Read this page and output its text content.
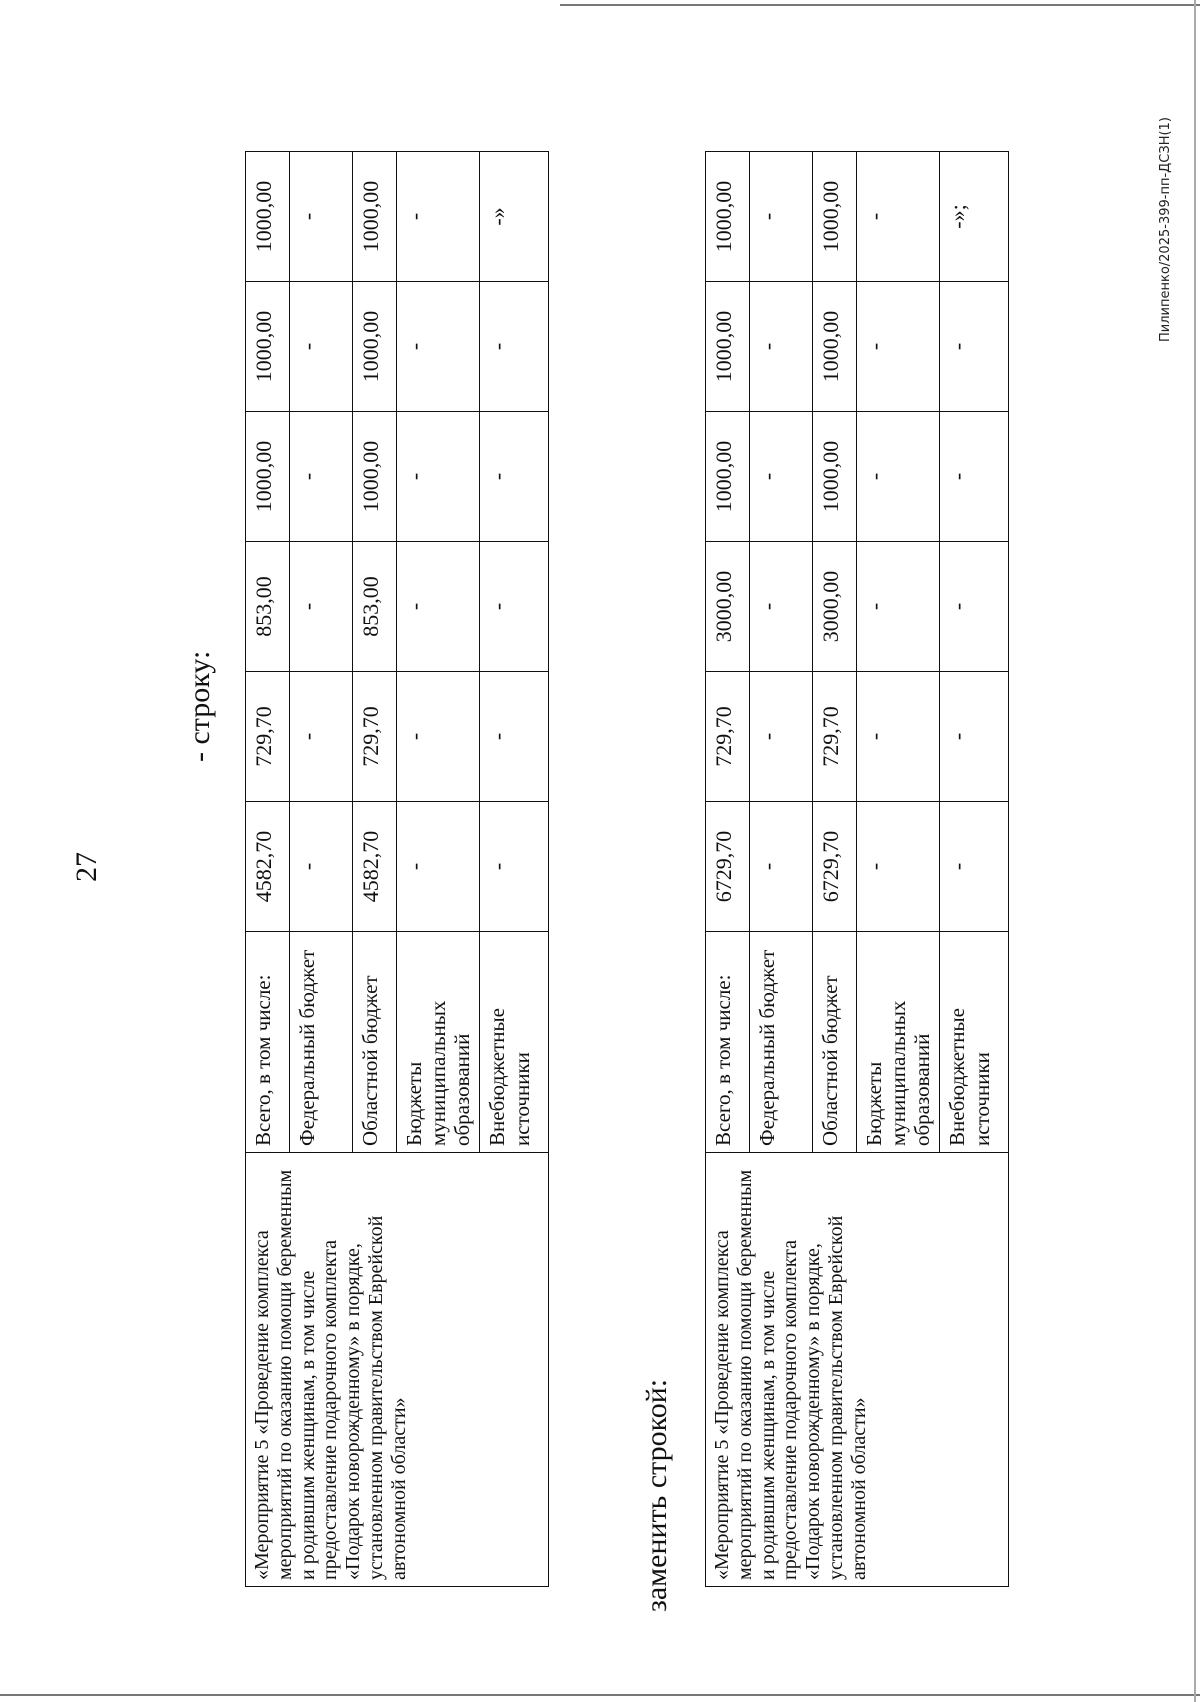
27

- строку:

«Мероприятие 5 «Проведение комплекса мероприятий по оказанию помощи беременным и родившим женщинам, в том числе предоставление подарочного комплекта «Подарок новорожденному» в порядке, установленном правительством Еврейской автономной области»	Всего, в том числе:	4582,70	729,70	853,00	1000,00	1000,00	1000,00
	Федеральный бюджет	-	-	-	-	-	-
	Областной бюджет	4582,70	729,70	853,00	1000,00	1000,00	1000,00
	Бюджеты муниципальных образований	-	-	-	-	-	-
	Внебюджетные источники	-	-	-	-	-	-»

заменить строкой: «Мероприятие 5 «Проведение комплекса мероприятий по оказанию помощи беременным и родившим женщинам, в том числе предоставление подарочного комплекта «Подарок новорожденному» в порядке, установленном правительством Еврейской автономной области»	Всего, в том числе:	6729,70	729,70	3000,00	1000,00	1000,00	1000,00
	Федеральный бюджет	-	-	-	-	-	-
	Областной бюджет	6729,70	729,70	3000,00	1000,00	1000,00	1000,00
	Бюджеты муниципальных образований	-	-	-	-	-	-
	Внебюджетные источники	-	-	-	-	-	-»;	Пилипенко/2025-399-пп-ДСЗН(1)
